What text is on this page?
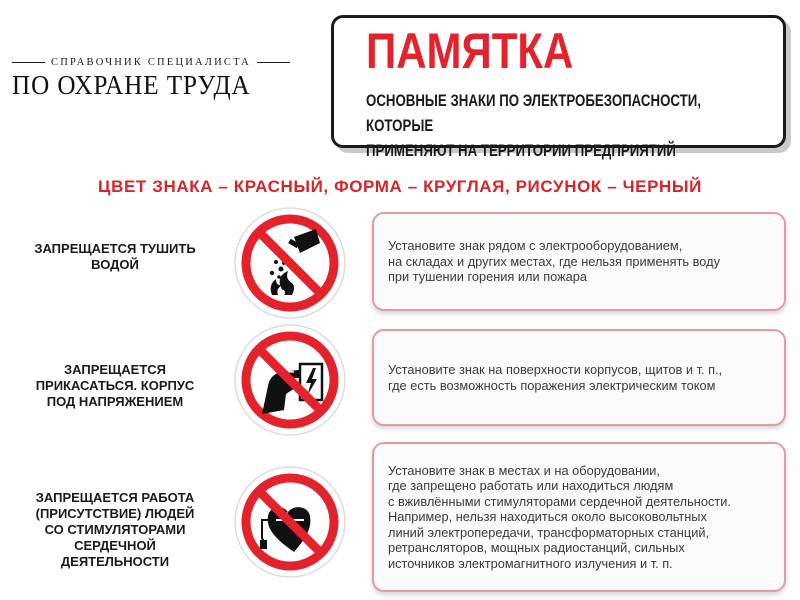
СПРАВОЧНИК СПЕЦИАЛИСТА
ПО ОХРАНЕ ТРУДА
ПАМЯТКА
ОСНОВНЫЕ ЗНАКИ ПО ЭЛЕКТРОБЕЗОПАСНОСТИ, КОТОРЫЕ
ПРИМЕНЯЮТ НА ТЕРРИТОРИИ ПРЕДПРИЯТИЙ
ЦВЕТ ЗНАКА – КРАСНЫЙ, ФОРМА – КРУГЛАЯ, РИСУНОК – ЧЕРНЫЙ
ЗАПРЕЩАЕТСЯ ТУШИТЬ
ВОДОЙ
Установите знак рядом с электрооборудованием,
на складах и других местах, где нельзя применять воду
при тушении горения или пожара
ЗАПРЕЩАЕТСЯ
ПРИКАСАТЬСЯ. КОРПУС
ПОД НАПРЯЖЕНИЕМ
Установите знак на поверхности корпусов, щитов и т. п.,
где есть возможность поражения электрическим током
ЗАПРЕЩАЕТСЯ РАБОТА
(ПРИСУТСТВИЕ) ЛЮДЕЙ
СО СТИМУЛЯТОРАМИ
СЕРДЕЧНОЙ
ДЕЯТЕЛЬНОСТИ
Установите знак в местах и на оборудовании,
где запрещено работать или находиться людям
с вживлёнными стимуляторами сердечной деятельности.
Например, нельзя находиться около высоковольтных
линий электропередачи, трансформаторных станций,
ретрансляторов, мощных радиостанций, сильных
источников электромагнитного излучения и т. п.
